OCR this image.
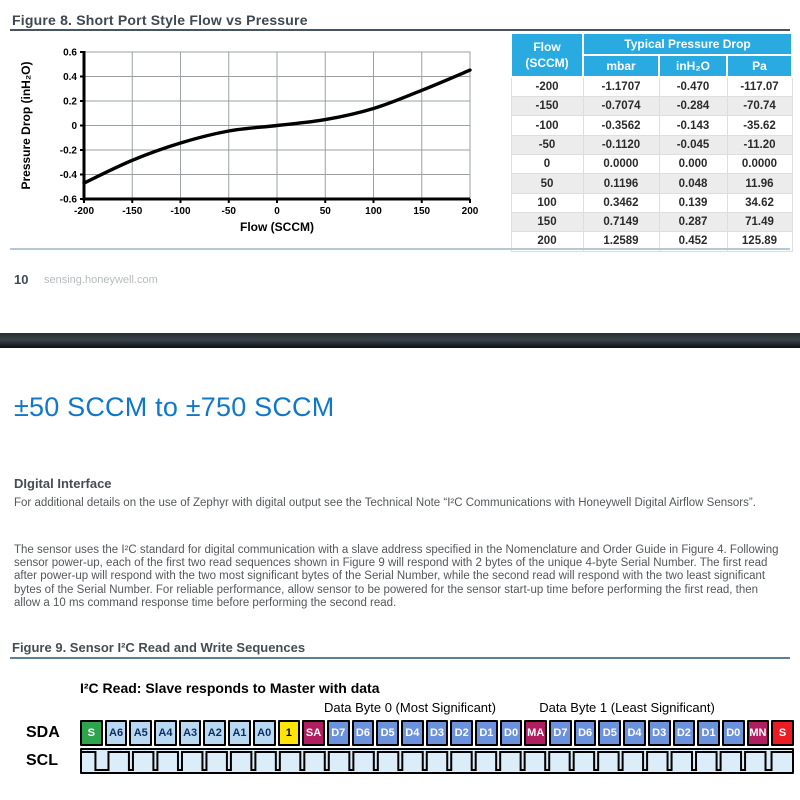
Figure 8. Short Port Style Flow vs Pressure
-200	-150	-100	-50	0	50	100	150	200
0.6
0.4
0.2
0
-0.2
-0.4
-0.6
Flow (SCCM)
Pressure Drop (inH₂O)
Flow (SCCM)	Typical Pressure Drop		
	mbar	inH₂O	Pa
-200	-1.1707	-0.470	-117.07
-150	-0.7074	-0.284	-70.74
-100	-0.3562	-0.143	-35.62
-50	-0.1120	-0.045	-11.20
0	0.0000	0.000	0.0000
50	0.1196	0.048	11.96
100	0.3462	0.139	34.62
150	0.7149	0.287	71.49
200	1.2589	0.452	125.89
10 sensing.honeywell.com
±50 SCCM to ±750 SCCM
DIgital Interface
For additional details on the use of Zephyr with digital output see the Technical Note “I²C Communications with Honeywell Digital Airflow Sensors”.
The sensor uses the I²C standard for digital communication with a slave address specified in the Nomenclature and Order Guide in Figure 4. Following sensor power-up, each of the first two read sequences shown in Figure 9 will respond with 2 bytes of the unique 4-byte Serial Number. The first read after power-up will respond with the two most significant bytes of the Serial Number, while the second read will respond with the two least significant bytes of the Serial Number. For reliable performance, allow sensor to be powered for the sensor start-up time before performing the first read, then allow a 10 ms command response time before performing the second read.
Figure 9. Sensor I²C Read and Write Sequences
I²C Read: Slave responds to Master with data
Data Byte 0 (Most Significant)	Data Byte 1 (Least Significant)
SDA	S	A6 A5 A4 A3 A2 A1 A0	1	SA D7 D6 D5 D4 D3 D2 D1 D0 MA D7 D6 D5 D4 D3 D2 D1 D0 MN	S
SCL
